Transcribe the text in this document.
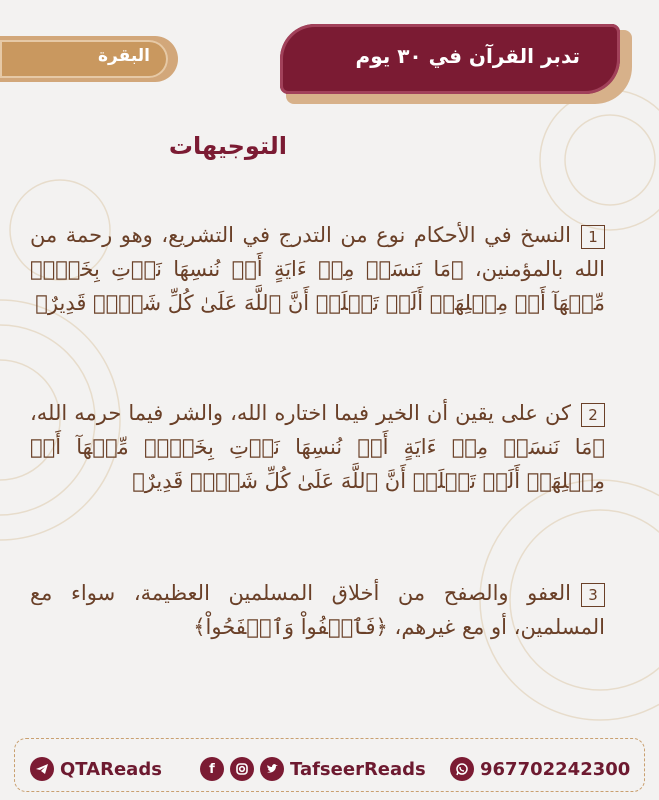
البقرة	تدبر القرآن في ٣٠ يوم
التوجيهات
1النسخ في الأحكام نوع من التدرج في التشريع، وهو رحمة من الله بالمؤمنين، ﴿مَا نَنسَخۡ مِنۡ ءَايَةٍ أَوۡ نُنسِهَا نَأۡتِ بِخَيۡرٖ مِّنۡهَآ أَوۡ مِثۡلِهَآۗ أَلَمۡ تَعۡلَمۡ أَنَّ ٱللَّهَ عَلَىٰ كُلِّ شَيۡءٖ قَدِيرٌ﴾
2كن على يقين أن الخير فيما اختاره الله، والشر فيما حرمه الله، ﴿مَا نَنسَخۡ مِنۡ ءَايَةٍ أَوۡ نُنسِهَا نَأۡتِ بِخَيۡرٖ مِّنۡهَآ أَوۡ مِثۡلِهَآۗ أَلَمۡ تَعۡلَمۡ أَنَّ ٱللَّهَ عَلَىٰ كُلِّ شَيۡءٖ قَدِيرٌ﴾
3العفو والصفح من أخلاق المسلمين العظيمة، سواء مع المسلمين، أو مع غيرهم، ﴿فَٱعۡفُواْ وَٱصۡفَحُواْ﴾
QTAReads	f	TafseerReads	967702242300
